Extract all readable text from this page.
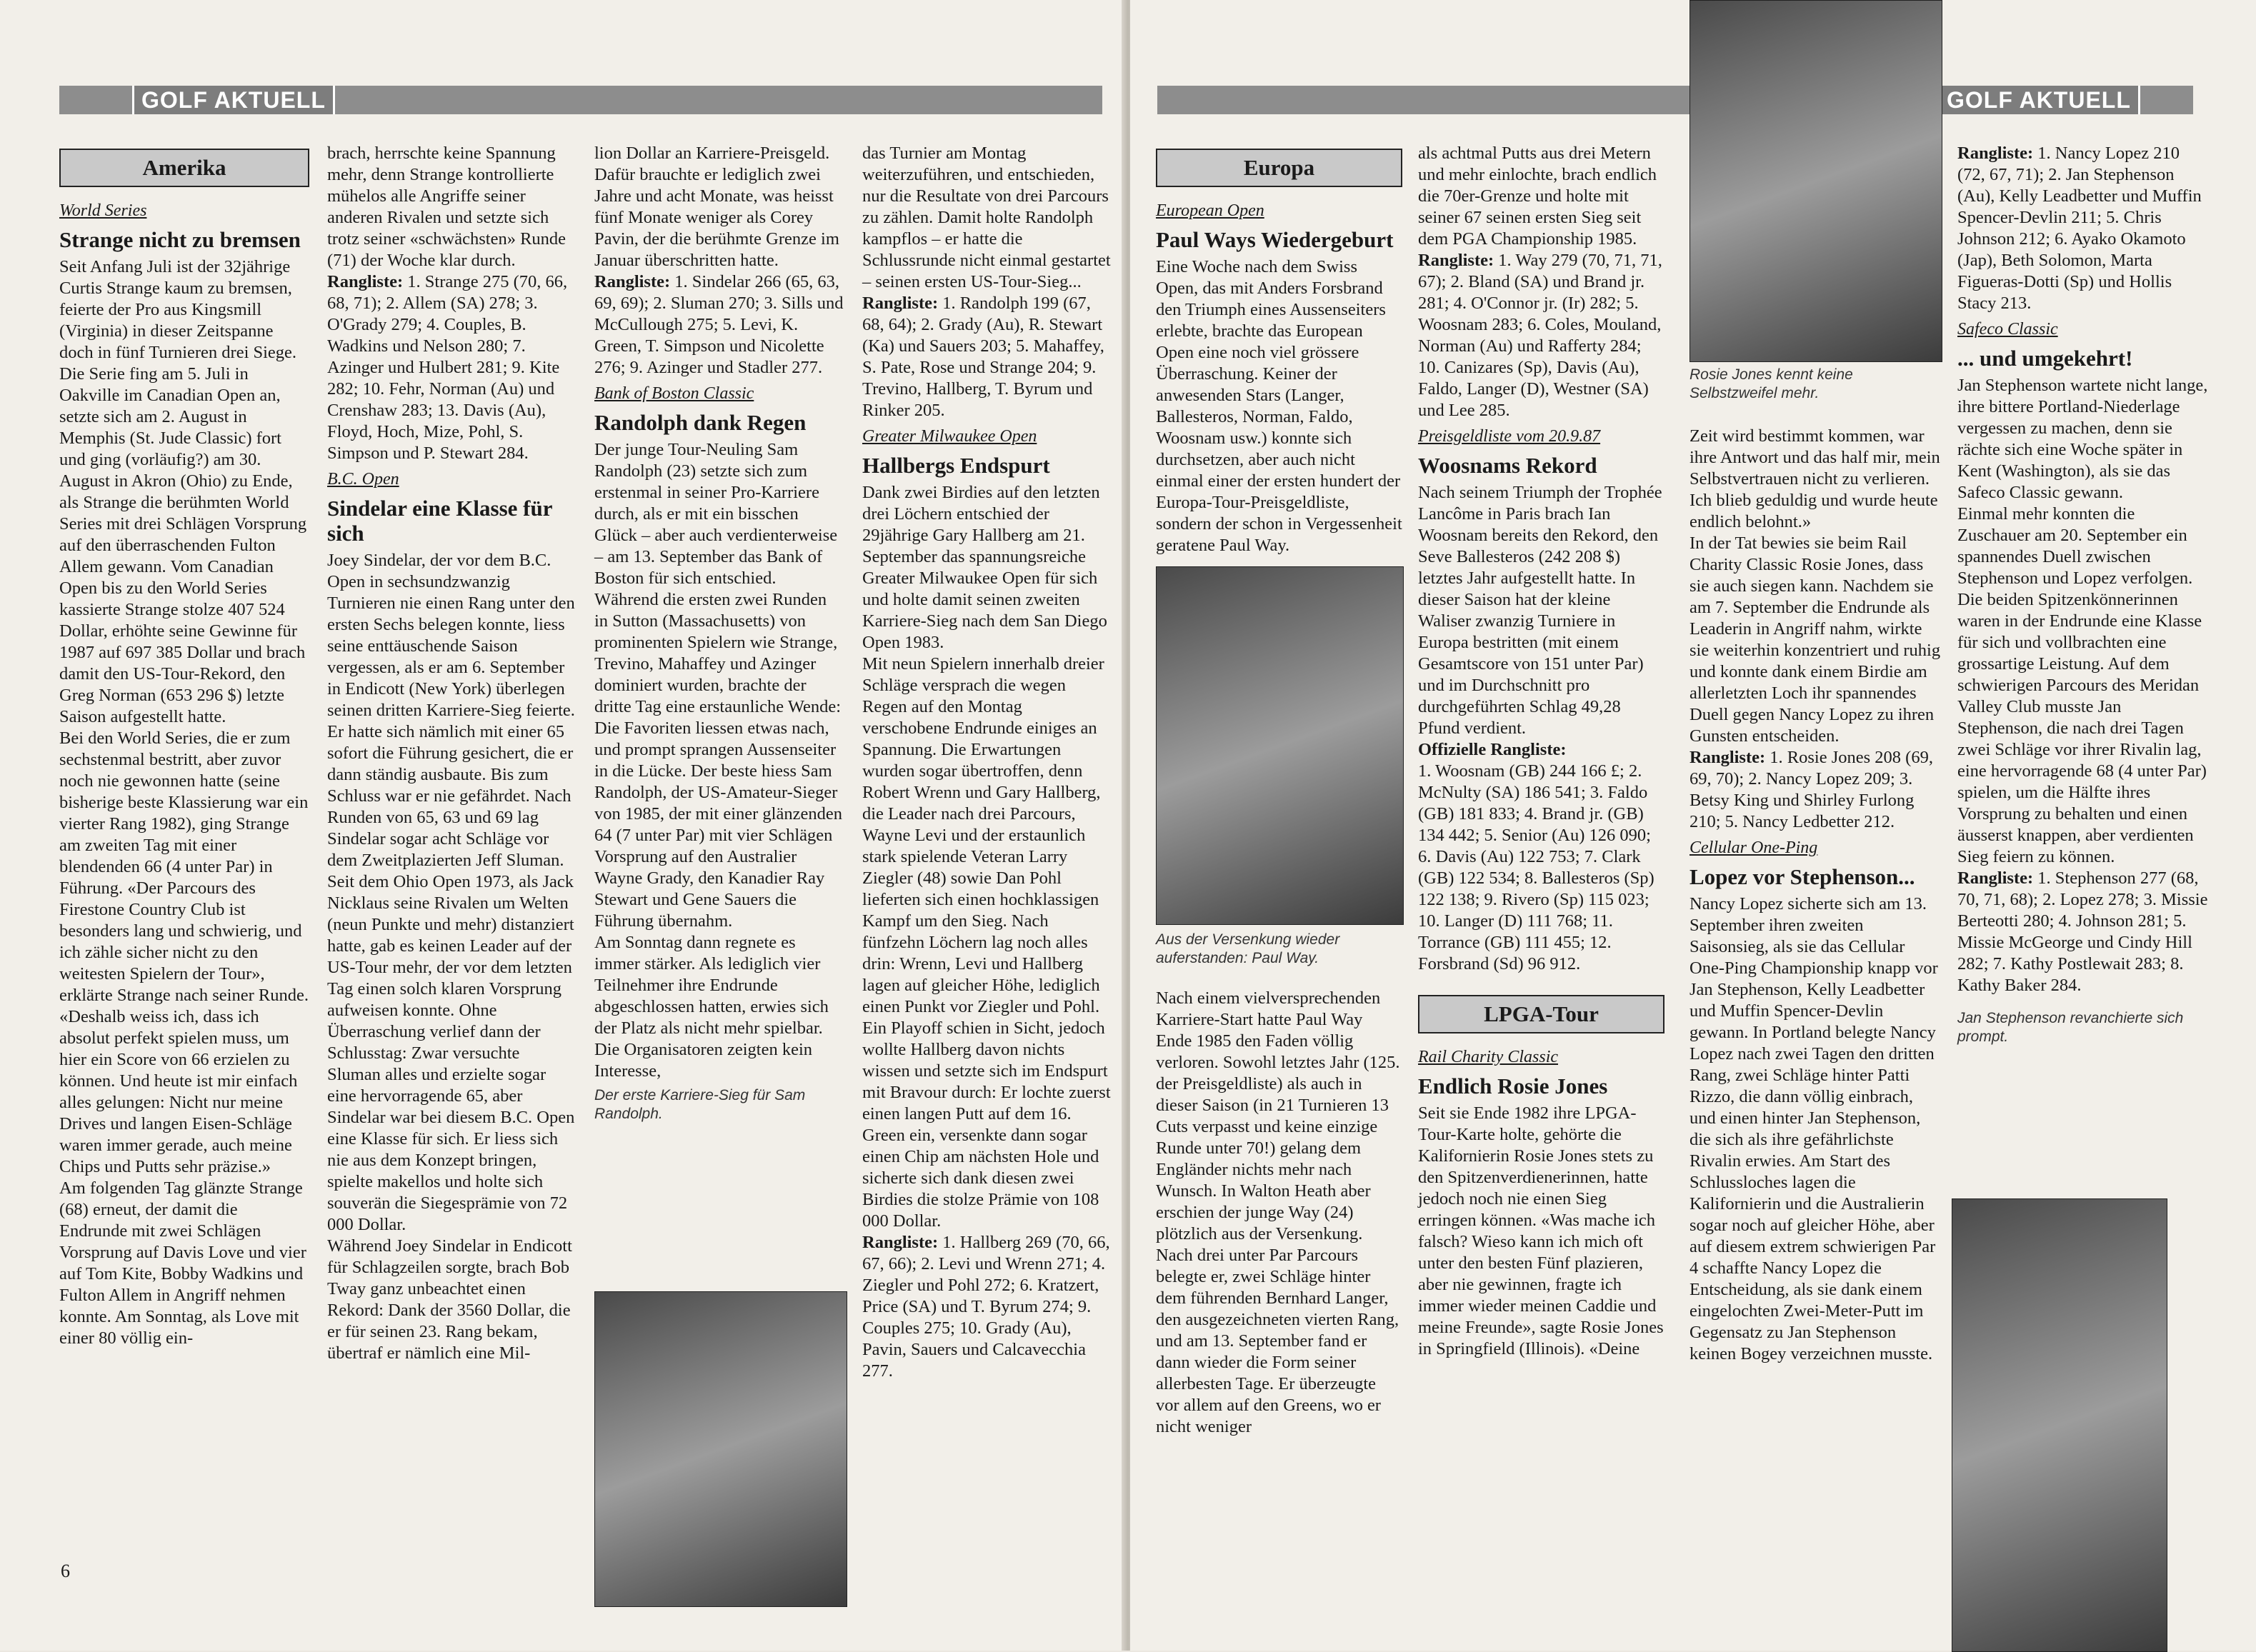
GOLF AKTUELL
Amerika
World Series
Strange nicht zu bremsen

Seit Anfang Juli ist der 32jährige Curtis Strange kaum zu bremsen, feierte der Pro aus Kingsmill (Virginia) in dieser Zeitspanne doch in fünf Turnieren drei Siege. Die Serie fing am 5. Juli in Oakville im Canadian Open an, setzte sich am 2. August in Memphis (St. Jude Classic) fort und ging (vorläufig?) am 30. August in Akron (Ohio) zu Ende, als Strange die berühmten World Series mit drei Schlägen Vorsprung auf den überraschenden Fulton Allem gewann. Vom Canadian Open bis zu den World Series kassierte Strange stolze 407 524 Dollar, erhöhte seine Gewinne für 1987 auf 697 385 Dollar und brach damit den US-Tour-Rekord, den Greg Norman (653 296 $) letzte Saison aufgestellt hatte.

Bei den World Series, die er zum sechstenmal bestritt, aber zuvor noch nie gewonnen hatte (seine bisherige beste Klassierung war ein vierter Rang 1982), ging Strange am zweiten Tag mit einer blendenden 66 (4 unter Par) in Führung. «Der Parcours des Firestone Country Club ist besonders lang und schwierig, und ich zähle sicher nicht zu den weitesten Spielern der Tour», erklärte Strange nach seiner Runde. «Deshalb weiss ich, dass ich absolut perfekt spielen muss, um hier ein Score von 66 erzielen zu können. Und heute ist mir einfach alles gelungen: Nicht nur meine Drives und langen Eisen-Schläge waren immer gerade, auch meine Chips und Putts sehr präzise.»

Am folgenden Tag glänzte Strange (68) erneut, der damit die Endrunde mit zwei Schlägen Vorsprung auf Davis Love und vier auf Tom Kite, Bobby Wadkins und Fulton Allem in Angriff nehmen konnte. Am Sonntag, als Love mit einer 80 völlig ein-

brach, herrschte keine Spannung mehr, denn Strange kontrollierte mühelos alle Angriffe seiner anderen Rivalen und setzte sich trotz seiner «schwächsten» Runde (71) der Woche klar durch.

Rangliste: 1. Strange 275 (70, 66, 68, 71); 2. Allem (SA) 278; 3. O'Grady 279; 4. Couples, B. Wadkins und Nelson 280; 7. Azinger und Hulbert 281; 9. Kite 282; 10. Fehr, Norman (Au) und Crenshaw 283; 13. Davis (Au), Floyd, Hoch, Mize, Pohl, S. Simpson und P. Stewart 284.

B.C. Open
Sindelar eine Klasse für sich

Joey Sindelar, der vor dem B.C. Open in sechsundzwanzig Turnieren nie einen Rang unter den ersten Sechs belegen konnte, liess seine enttäuschende Saison vergessen, als er am 6. September in Endicott (New York) überlegen seinen dritten Karriere-Sieg feierte. Er hatte sich nämlich mit einer 65 sofort die Führung gesichert, die er dann ständig ausbaute. Bis zum Schluss war er nie gefährdet. Nach Runden von 65, 63 und 69 lag Sindelar sogar acht Schläge vor dem Zweitplazierten Jeff Sluman. Seit dem Ohio Open 1973, als Jack Nicklaus seine Rivalen um Welten (neun Punkte und mehr) distanziert hatte, gab es keinen Leader auf der US-Tour mehr, der vor dem letzten Tag einen solch klaren Vorsprung aufweisen konnte. Ohne Überraschung verlief dann der Schlusstag: Zwar versuchte Sluman alles und erzielte sogar eine hervorragende 65, aber Sindelar war bei diesem B.C. Open eine Klasse für sich. Er liess sich nie aus dem Konzept bringen, spielte makellos und holte sich souverän die Siegesprämie von 72 000 Dollar.

Während Joey Sindelar in Endicott für Schlagzeilen sorgte, brach Bob Tway ganz unbeachtet einen Rekord: Dank der 3560 Dollar, die er für seinen 23. Rang bekam, übertraf er nämlich eine Mil-

lion Dollar an Karriere-Preisgeld. Dafür brauchte er lediglich zwei Jahre und acht Monate, was heisst fünf Monate weniger als Corey Pavin, der die berühmte Grenze im Januar überschritten hatte.

Rangliste: 1. Sindelar 266 (65, 63, 69, 69); 2. Sluman 270; 3. Sills und McCullough 275; 5. Levi, K. Green, T. Simpson und Nicolette 276; 9. Azinger und Stadler 277.

Bank of Boston Classic
Randolph dank Regen

Der junge Tour-Neuling Sam Randolph (23) setzte sich zum erstenmal in seiner Pro-Karriere durch, als er mit ein bisschen Glück – aber auch verdienterweise – am 13. September das Bank of Boston für sich entschied.

Während die ersten zwei Runden in Sutton (Massachusetts) von prominenten Spielern wie Strange, Trevino, Mahaffey und Azinger dominiert wurden, brachte der dritte Tag eine erstaunliche Wende: Die Favoriten liessen etwas nach, und prompt sprangen Aussenseiter in die Lücke. Der beste hiess Sam Randolph, der US-Amateur-Sieger von 1985, der mit einer glänzenden 64 (7 unter Par) mit vier Schlägen Vorsprung auf den Australier Wayne Grady, den Kanadier Ray Stewart und Gene Sauers die Führung übernahm.

Am Sonntag dann regnete es immer stärker. Als lediglich vier Teilnehmer ihre Endrunde abgeschlossen hatten, erwies sich der Platz als nicht mehr spielbar. Die Organisatoren zeigten kein Interesse,

Der erste Karriere-Sieg für Sam Randolph.

das Turnier am Montag weiterzuführen, und entschieden, nur die Resultate von drei Parcours zu zählen. Damit holte Randolph kampflos – er hatte die Schlussrunde nicht einmal gestartet – seinen ersten US-Tour-Sieg...

Rangliste: 1. Randolph 199 (67, 68, 64); 2. Grady (Au), R. Stewart (Ka) und Sauers 203; 5. Mahaffey, S. Pate, Rose und Strange 204; 9. Trevino, Hallberg, T. Byrum und Rinker 205.

Greater Milwaukee Open
Hallbergs Endspurt

Dank zwei Birdies auf den letzten drei Löchern entschied der 29jährige Gary Hallberg am 21. September das spannungsreiche Greater Milwaukee Open für sich und holte damit seinen zweiten Karriere-Sieg nach dem San Diego Open 1983.

Mit neun Spielern innerhalb dreier Schläge versprach die wegen Regen auf den Montag verschobene Endrunde einiges an Spannung. Die Erwartungen wurden sogar übertroffen, denn Robert Wrenn und Gary Hallberg, die Leader nach drei Parcours, Wayne Levi und der erstaunlich stark spielende Veteran Larry Ziegler (48) sowie Dan Pohl lieferten sich einen hochklassigen Kampf um den Sieg. Nach fünfzehn Löchern lag noch alles drin: Wrenn, Levi und Hallberg lagen auf gleicher Höhe, lediglich einen Punkt vor Ziegler und Pohl. Ein Playoff schien in Sicht, jedoch wollte Hallberg davon nichts wissen und setzte sich im Endspurt mit Bravour durch: Er lochte zuerst einen langen Putt auf dem 16. Green ein, versenkte dann sogar einen Chip am nächsten Hole und sicherte sich dank diesen zwei Birdies die stolze Prämie von 108 000 Dollar.

Rangliste: 1. Hallberg 269 (70, 66, 67, 66); 2. Levi und Wrenn 271; 4. Ziegler und Pohl 272; 6. Kratzert, Price (SA) und T. Byrum 274; 9. Couples 275; 10. Grady (Au), Pavin, Sauers und Calcavecchia 277.

6
GOLF AKTUELL
Europa
European Open
Paul Ways Wiedergeburt

Eine Woche nach dem Swiss Open, das mit Anders Forsbrand den Triumph eines Aussenseiters erlebte, brachte das European Open eine noch viel grössere Überraschung. Keiner der anwesenden Stars (Langer, Ballesteros, Norman, Faldo, Woosnam usw.) konnte sich durchsetzen, aber auch nicht einmal einer der ersten hundert der Europa-Tour-Preisgeldliste, sondern der schon in Vergessenheit geratene Paul Way.

Aus der Versenkung wieder auferstanden: Paul Way.

Nach einem vielversprechenden Karriere-Start hatte Paul Way Ende 1985 den Faden völlig verloren. Sowohl letztes Jahr (125. der Preisgeldliste) als auch in dieser Saison (in 21 Turnieren 13 Cuts verpasst und keine einzige Runde unter 70!) gelang dem Engländer nichts mehr nach Wunsch. In Walton Heath aber erschien der junge Way (24) plötzlich aus der Versenkung. Nach drei unter Par Parcours belegte er, zwei Schläge hinter dem führenden Bernhard Langer, den ausgezeichneten vierten Rang, und am 13. September fand er dann wieder die Form seiner allerbesten Tage. Er überzeugte vor allem auf den Greens, wo er nicht weniger

als achtmal Putts aus drei Metern und mehr einlochte, brach endlich die 70er-Grenze und holte mit seiner 67 seinen ersten Sieg seit dem PGA Championship 1985.

Rangliste: 1. Way 279 (70, 71, 71, 67); 2. Bland (SA) und Brand jr. 281; 4. O'Connor jr. (Ir) 282; 5. Woosnam 283; 6. Coles, Mouland, Norman (Au) und Rafferty 284; 10. Canizares (Sp), Davis (Au), Faldo, Langer (D), Westner (SA) und Lee 285.

Preisgeldliste vom 20.9.87
Woosnams Rekord

Nach seinem Triumph der Trophée Lancôme in Paris brach Ian Woosnam bereits den Rekord, den Seve Ballesteros (242 208 $) letztes Jahr aufgestellt hatte. In dieser Saison hat der kleine Waliser zwanzig Turniere in Europa bestritten (mit einem Gesamtscore von 151 unter Par) und im Durchschnitt pro durchgeführten Schlag 49,28 Pfund verdient.

Offizielle Rangliste:

1. Woosnam (GB) 244 166 £; 2. McNulty (SA) 186 541; 3. Faldo (GB) 181 833; 4. Brand jr. (GB) 134 442; 5. Senior (Au) 126 090; 6. Davis (Au) 122 753; 7. Clark (GB) 122 534; 8. Ballesteros (Sp) 122 138; 9. Rivero (Sp) 115 023; 10. Langer (D) 111 768; 11. Torrance (GB) 111 455; 12. Forsbrand (Sd) 96 912.

LPGA-Tour
Rail Charity Classic
Endlich Rosie Jones

Seit sie Ende 1982 ihre LPGA-Tour-Karte holte, gehörte die Kalifornierin Rosie Jones stets zu den Spitzenverdienerinnen, hatte jedoch noch nie einen Sieg erringen können. «Was mache ich falsch? Wieso kann ich mich oft unter den besten Fünf plazieren, aber nie gewinnen, fragte ich immer wieder meinen Caddie und meine Freunde», sagte Rosie Jones in Springfield (Illinois). «Deine

Rosie Jones kennt keine Selbstzweifel mehr.

Zeit wird bestimmt kommen, war ihre Antwort und das half mir, mein Selbstvertrauen nicht zu verlieren. Ich blieb geduldig und wurde heute endlich belohnt.»

In der Tat bewies sie beim Rail Charity Classic Rosie Jones, dass sie auch siegen kann. Nachdem sie am 7. September die Endrunde als Leaderin in Angriff nahm, wirkte sie weiterhin konzentriert und ruhig und konnte dank einem Birdie am allerletzten Loch ihr spannendes Duell gegen Nancy Lopez zu ihren Gunsten entscheiden.

Rangliste: 1. Rosie Jones 208 (69, 69, 70); 2. Nancy Lopez 209; 3. Betsy King und Shirley Furlong 210; 5. Nancy Ledbetter 212.

Cellular One-Ping
Lopez vor Stephenson...

Nancy Lopez sicherte sich am 13. September ihren zweiten Saisonsieg, als sie das Cellular One-Ping Championship knapp vor Jan Stephenson, Kelly Leadbetter und Muffin Spencer-Devlin gewann. In Portland belegte Nancy Lopez nach zwei Tagen den dritten Rang, zwei Schläge hinter Patti Rizzo, die dann völlig einbrach, und einen hinter Jan Stephenson, die sich als ihre gefährlichste Rivalin erwies. Am Start des Schlussloches lagen die Kalifornierin und die Australierin sogar noch auf gleicher Höhe, aber auf diesem extrem schwierigen Par 4 schaffte Nancy Lopez die Entscheidung, als sie dank einem eingelochten Zwei-Meter-Putt im Gegensatz zu Jan Stephenson keinen Bogey verzeichnen musste.

Rangliste: 1. Nancy Lopez 210 (72, 67, 71); 2. Jan Stephenson (Au), Kelly Leadbetter und Muffin Spencer-Devlin 211; 5. Chris Johnson 212; 6. Ayako Okamoto (Jap), Beth Solomon, Marta Figueras-Dotti (Sp) und Hollis Stacy 213.

Safeco Classic
... und umgekehrt!

Jan Stephenson wartete nicht lange, ihre bittere Portland-Niederlage vergessen zu machen, denn sie rächte sich eine Woche später in Kent (Washington), als sie das Safeco Classic gewann.

Einmal mehr konnten die Zuschauer am 20. September ein spannendes Duell zwischen Stephenson und Lopez verfolgen. Die beiden Spitzenkönnerinnen waren in der Endrunde eine Klasse für sich und vollbrachten eine grossartige Leistung. Auf dem schwierigen Parcours des Meridan Valley Club musste Jan Stephenson, die nach drei Tagen zwei Schläge vor ihrer Rivalin lag, eine hervorragende 68 (4 unter Par) spielen, um die Hälfte ihres Vorsprung zu behalten und einen äusserst knappen, aber verdienten Sieg feiern zu können.

Rangliste: 1. Stephenson 277 (68, 70, 71, 68); 2. Lopez 278; 3. Missie Berteotti 280; 4. Johnson 281; 5. Missie McGeorge und Cindy Hill 282; 7. Kathy Postlewait 283; 8. Kathy Baker 284.

Jan Stephenson revanchierte sich prompt.
